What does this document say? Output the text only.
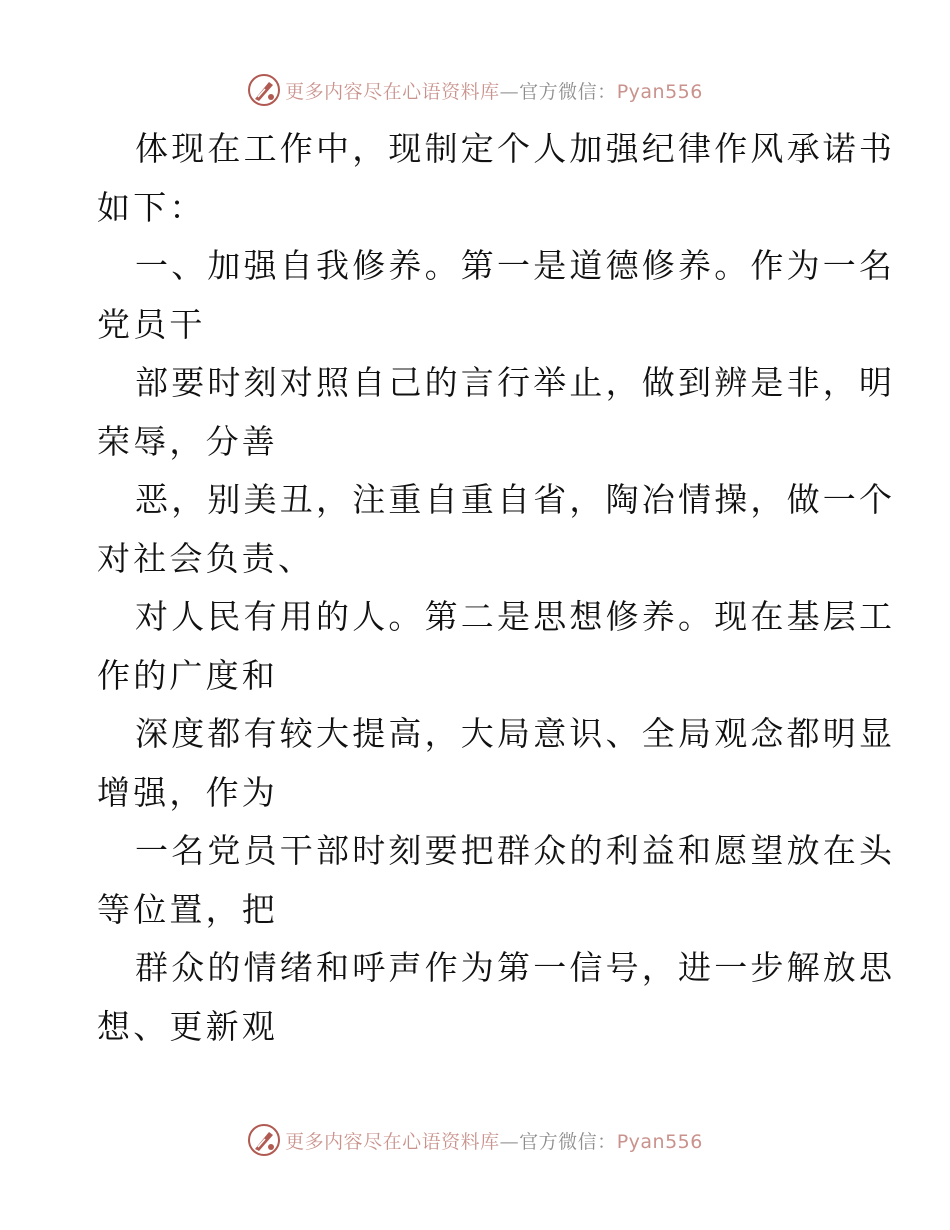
更多内容尽在心语资料库—官方微信：Pyan556
体现在工作中，现制定个人加强纪律作风承诺书
如下：
一、加强自我修养。第一是道德修养。作为一名
党员干
部要时刻对照自己的言行举止，做到辨是非，明
荣辱，分善
恶，别美丑，注重自重自省，陶冶情操，做一个
对社会负责、
对人民有用的人。第二是思想修养。现在基层工
作的广度和
深度都有较大提高，大局意识、全局观念都明显
增强，作为
一名党员干部时刻要把群众的利益和愿望放在头
等位置，把
群众的情绪和呼声作为第一信号，进一步解放思
想、更新观
更多内容尽在心语资料库—官方微信：Pyan556
